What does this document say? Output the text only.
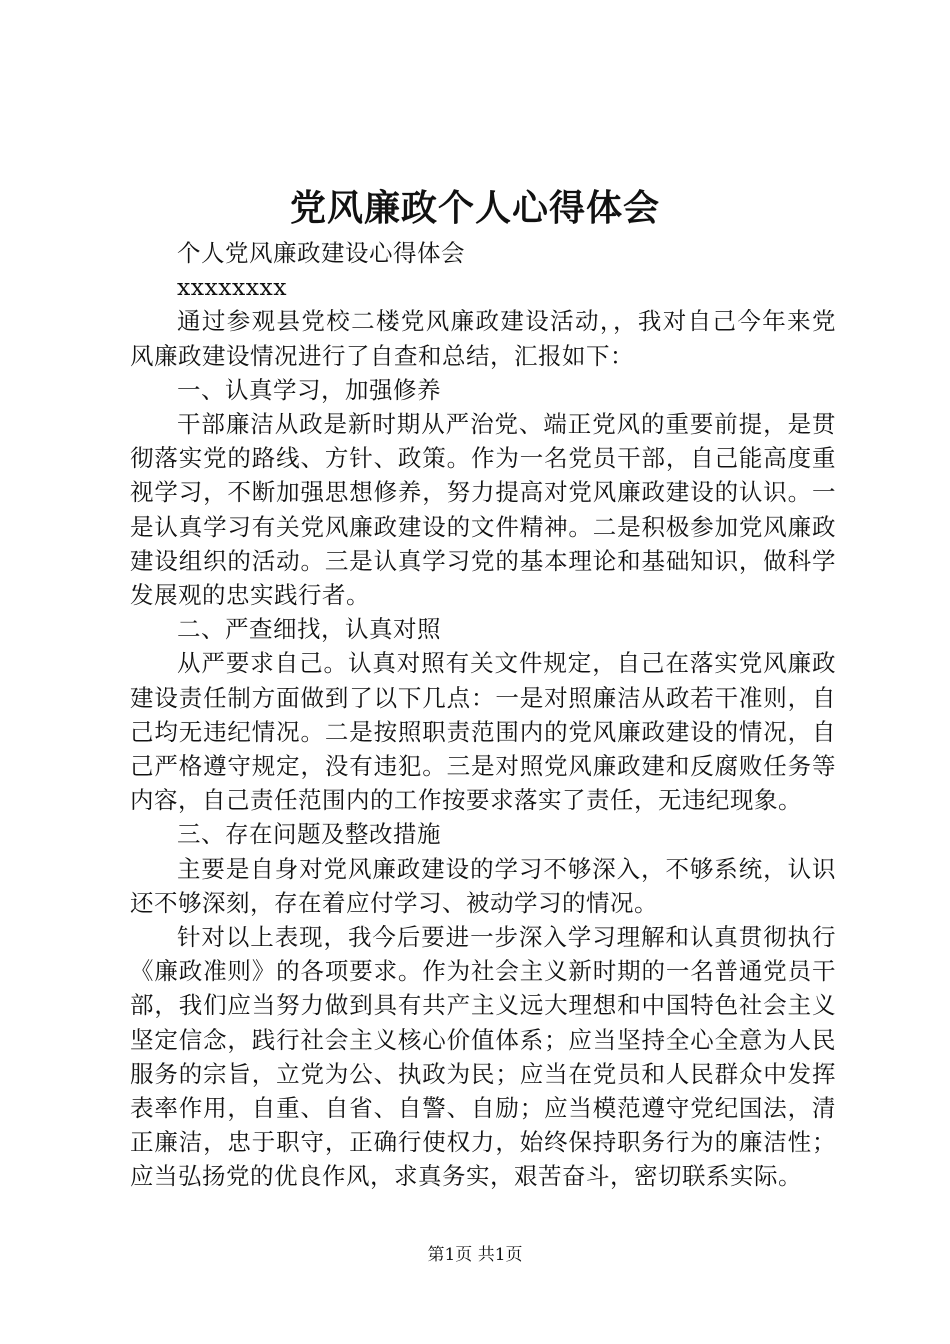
党风廉政个人心得体会

个人党风廉政建设心得体会

xxxxxxxx

通过参观县党校二楼党风廉政建设活动，，我对自己今年来党风廉政建设情况进行了自查和总结，汇报如下：

一、认真学习，加强修养

干部廉洁从政是新时期从严治党、端正党风的重要前提，是贯彻落实党的路线、方针、政策。作为一名党员干部，自己能高度重视学习，不断加强思想修养，努力提高对党风廉政建设的认识。一是认真学习有关党风廉政建设的文件精神。二是积极参加党风廉政建设组织的活动。三是认真学习党的基本理论和基础知识，做科学发展观的忠实践行者。

二、严查细找，认真对照

从严要求自己。认真对照有关文件规定，自己在落实党风廉政建设责任制方面做到了以下几点：一是对照廉洁从政若干准则，自己均无违纪情况。二是按照职责范围内的党风廉政建设的情况，自己严格遵守规定，没有违犯。三是对照党风廉政建和反腐败任务等内容，自己责任范围内的工作按要求落实了责任，无违纪现象。

三、存在问题及整改措施

主要是自身对党风廉政建设的学习不够深入，不够系统，认识还不够深刻，存在着应付学习、被动学习的情况。

针对以上表现，我今后要进一步深入学习理解和认真贯彻执行《廉政准则》的各项要求。作为社会主义新时期的一名普通党员干部，我们应当努力做到具有共产主义远大理想和中国特色社会主义坚定信念，践行社会主义核心价值体系；应当坚持全心全意为人民服务的宗旨，立党为公、执政为民；应当在党员和人民群众中发挥表率作用，自重、自省、自警、自励；应当模范遵守党纪国法，清正廉洁，忠于职守，正确行使权力，始终保持职务行为的廉洁性；应当弘扬党的优良作风，求真务实，艰苦奋斗，密切联系实际。

第1页 共1页
